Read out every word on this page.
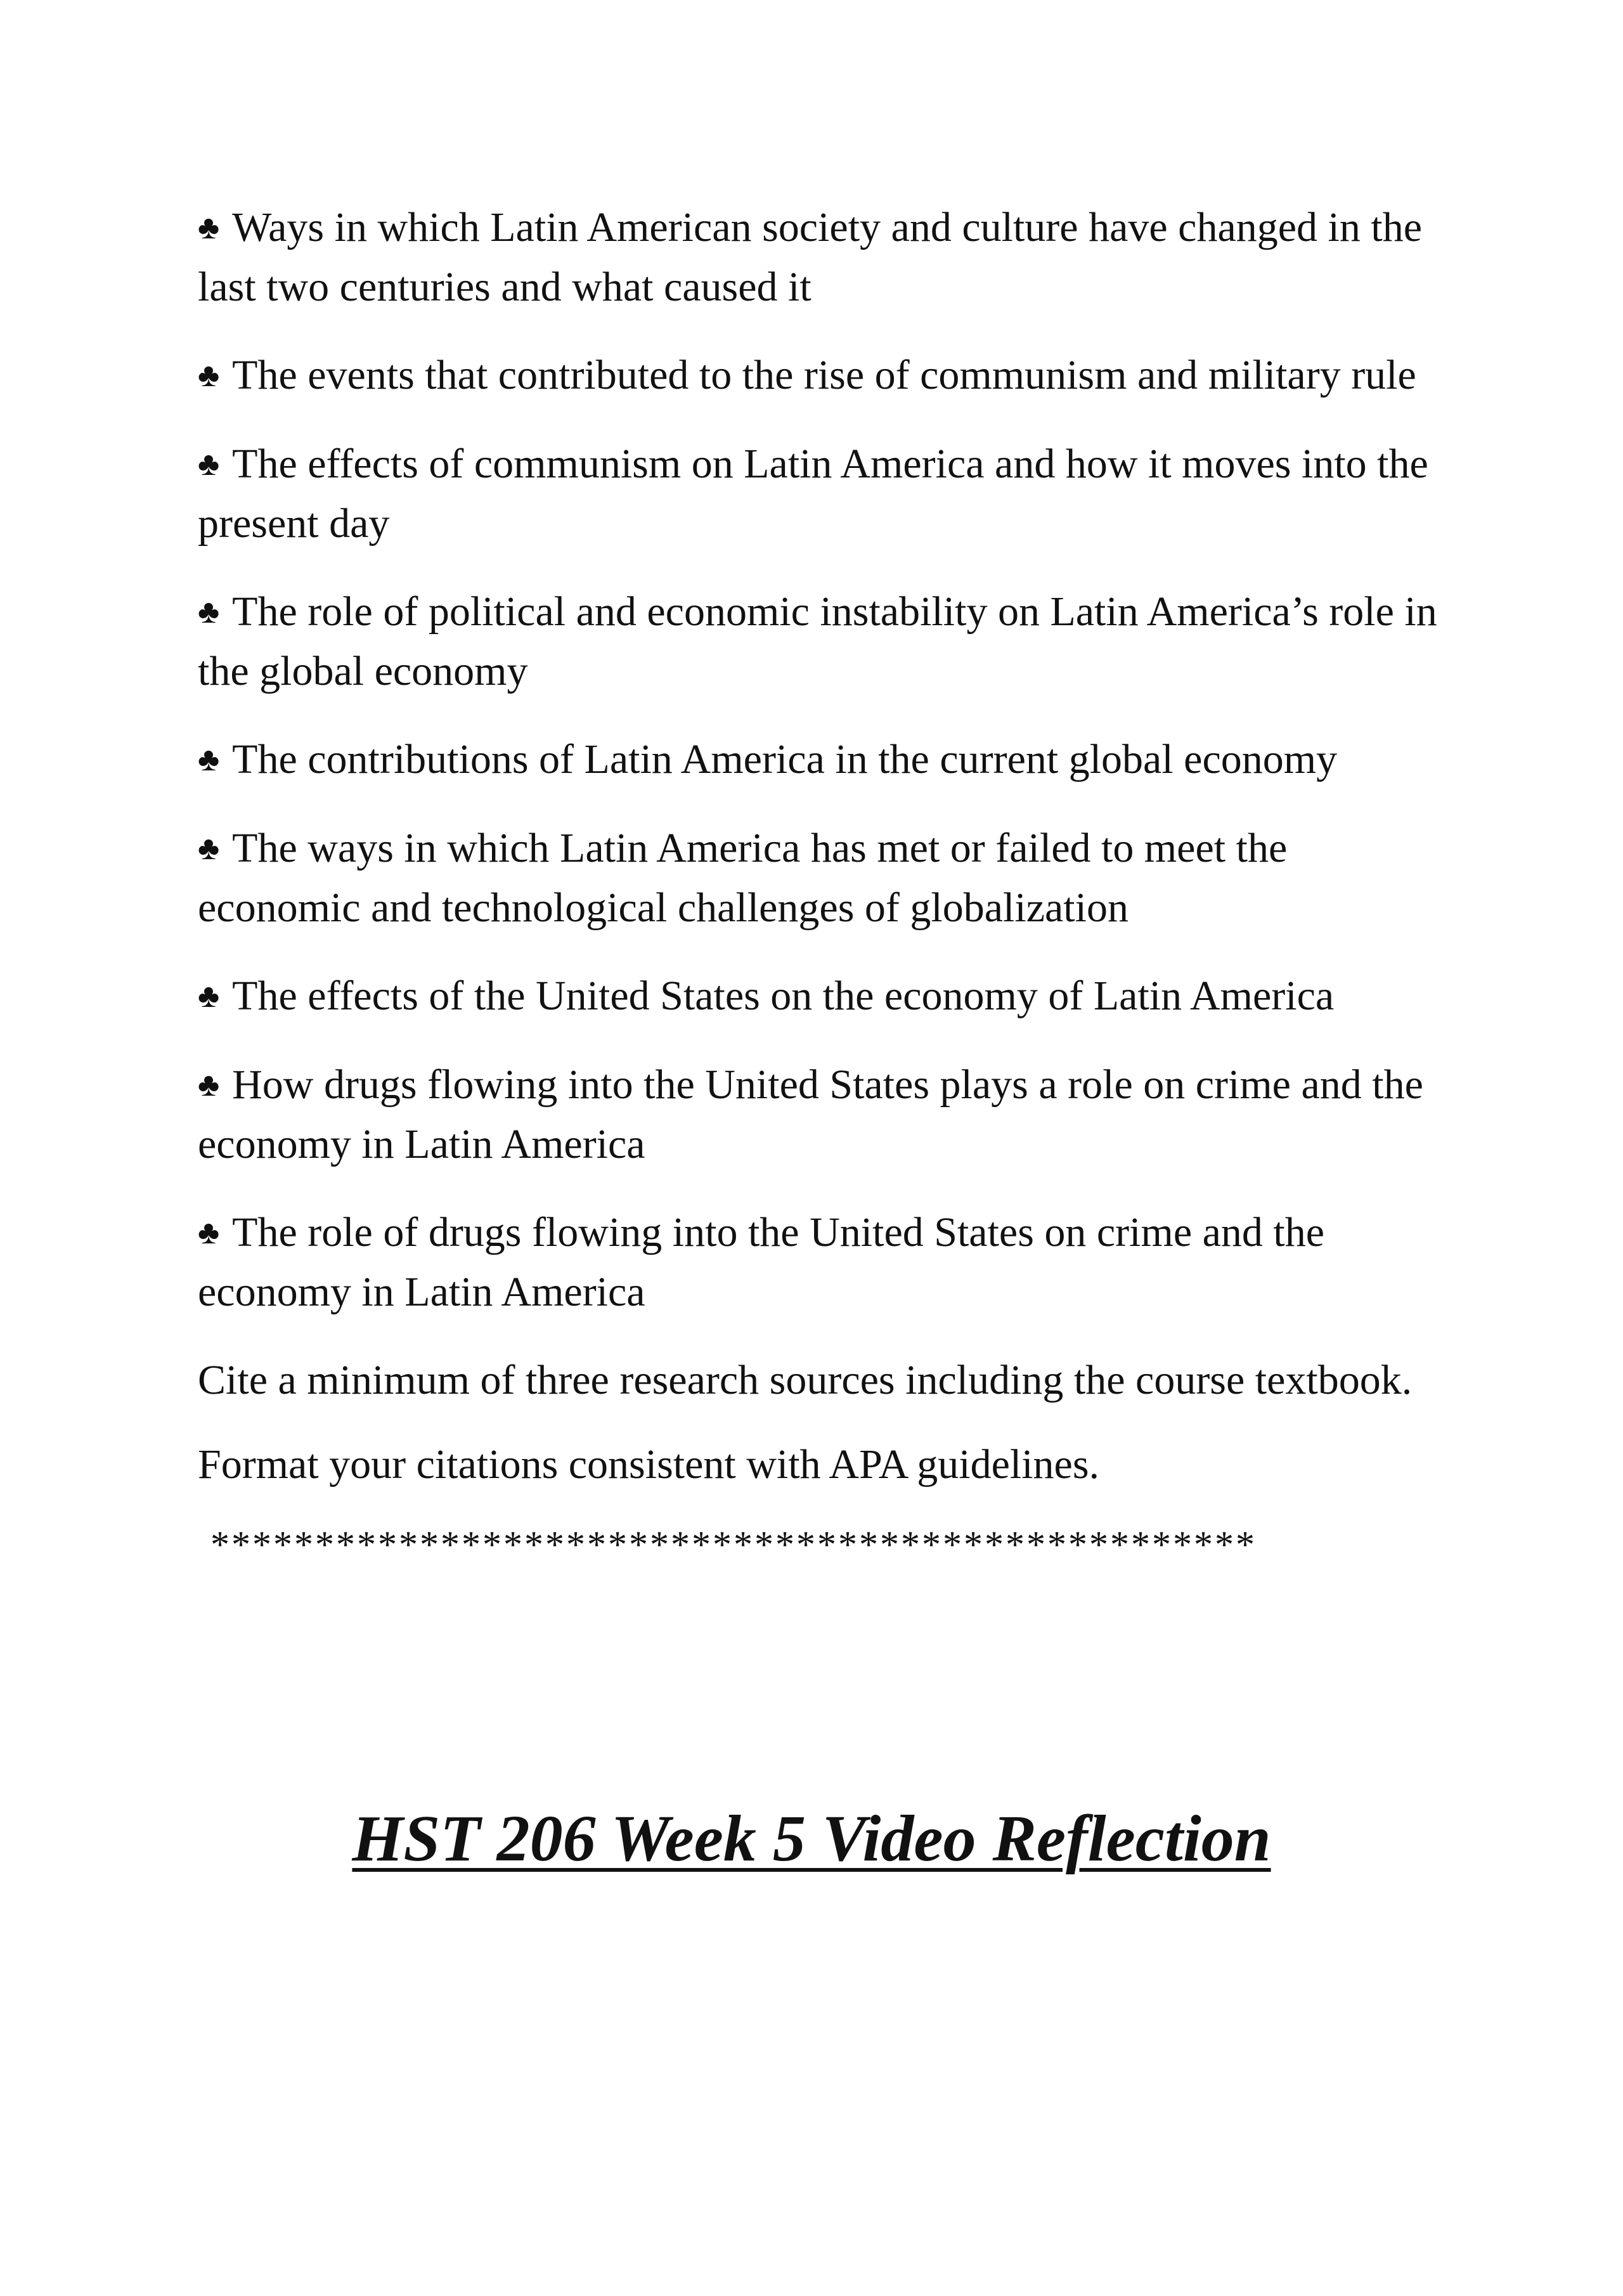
♣ Ways in which Latin American society and culture have changed in the last two centuries and what caused it
♣ The events that contributed to the rise of communism and military rule
♣ The effects of communism on Latin America and how it moves into the present day
♣ The role of political and economic instability on Latin America’s role in the global economy
♣ The contributions of Latin America in the current global economy
♣ The ways in which Latin America has met or failed to meet the economic and technological challenges of globalization
♣ The effects of the United States on the economy of Latin America
♣ How drugs flowing into the United States plays a role on crime and the economy in Latin America
♣ The role of drugs flowing into the United States on crime and the economy in Latin America

Cite a minimum of three research sources including the course textbook.

Format your citations consistent with APA guidelines.

**************************************************
HST 206 Week 5 Video Reflection
